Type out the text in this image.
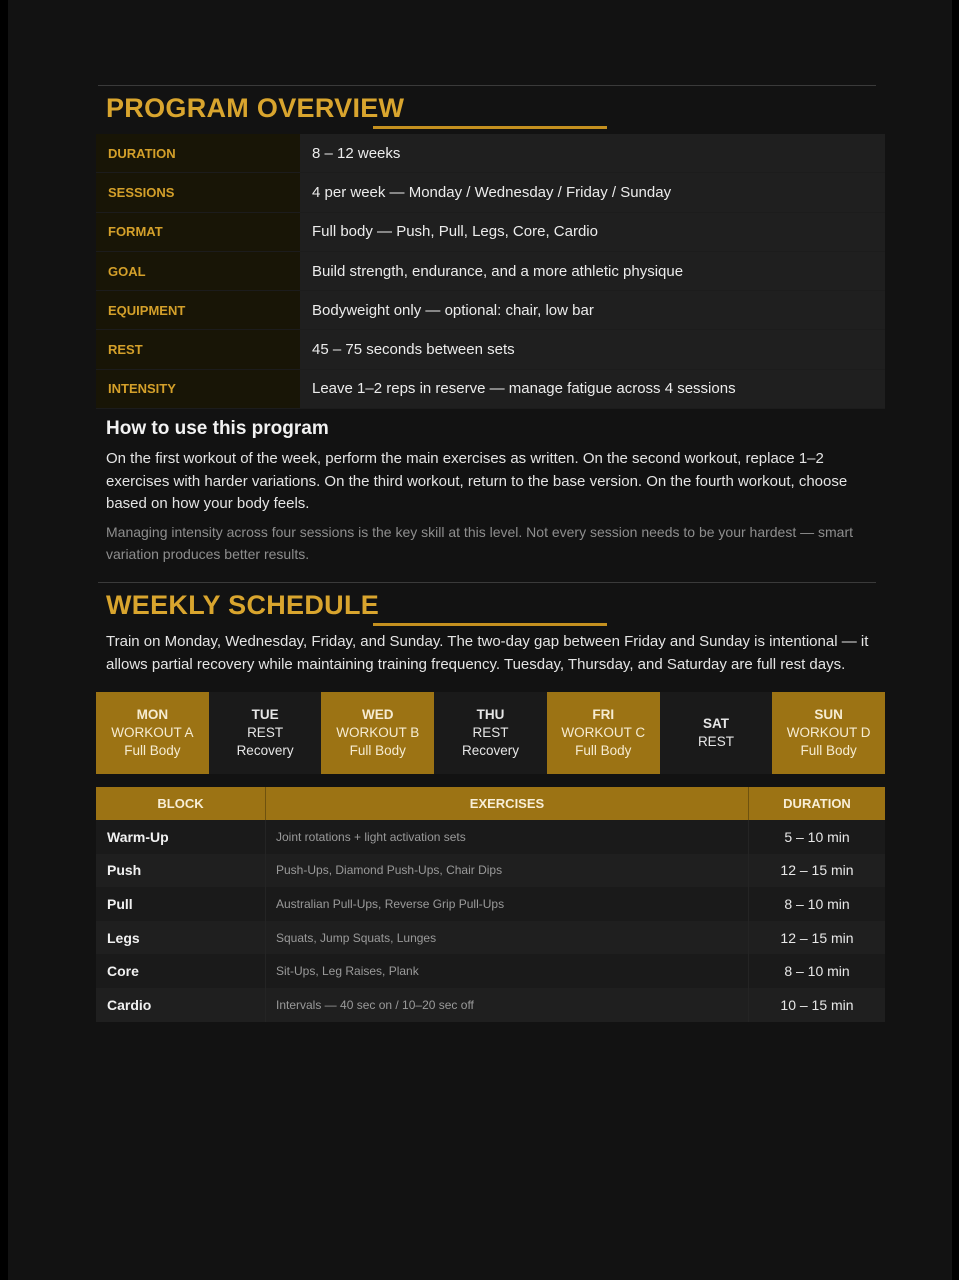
PROGRAM OVERVIEW
DURATION	8 – 12 weeks
SESSIONS	4 per week — Monday / Wednesday / Friday / Sunday
FORMAT	Full body — Push, Pull, Legs, Core, Cardio
GOAL	Build strength, endurance, and a more athletic physique
EQUIPMENT	Bodyweight only — optional: chair, low bar
REST	45 – 75 seconds between sets
INTENSITY	Leave 1–2 reps in reserve — manage fatigue across 4 sessions
How to use this program

On the first workout of the week, perform the main exercises as written. On the second workout, replace 1–2 exercises with harder variations. On the third workout, return to the base version. On the fourth workout, choose based on how your body feels.

Managing intensity across four sessions is the key skill at this level. Not every session needs to be your hardest — smart variation produces better results.

WEEKLY SCHEDULE

Train on Monday, Wednesday, Friday, and Sunday. The two-day gap between Friday and Sunday is intentional — it allows partial recovery while maintaining training frequency. Tuesday, Thursday, and Saturday are full rest days.

MON
WORKOUT A
Full Body
TUE
REST
Recovery
WED
WORKOUT B
Full Body
THU
REST
Recovery
FRI
WORKOUT C
Full Body
SAT
REST
SUN
WORKOUT D
Full Body
BLOCK	EXERCISES	DURATION
Warm-Up	Joint rotations + light activation sets	5 – 10 min
Push	Push-Ups, Diamond Push-Ups, Chair Dips	12 – 15 min
Pull	Australian Pull-Ups, Reverse Grip Pull-Ups	8 – 10 min
Legs	Squats, Jump Squats, Lunges	12 – 15 min
Core	Sit-Ups, Leg Raises, Plank	8 – 10 min
Cardio	Intervals — 40 sec on / 10–20 sec off	10 – 15 min
